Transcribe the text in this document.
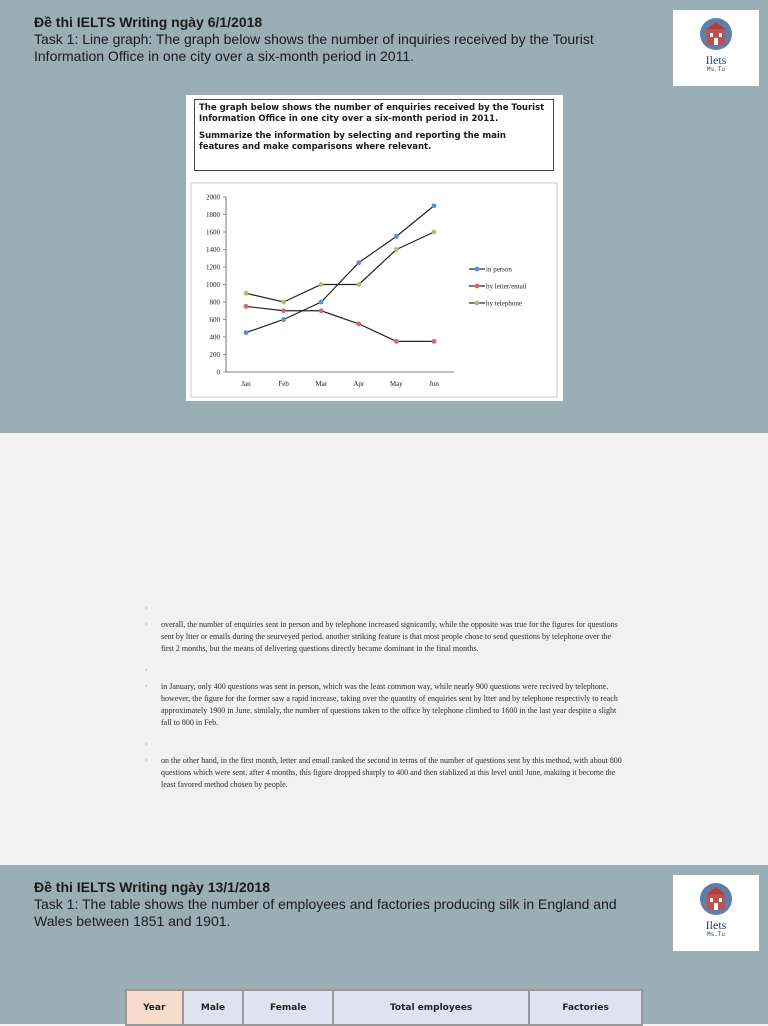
Đề thi IELTS Writing ngày 6/1/2018
Task 1: Line graph: The graph below shows the number of inquiries received by the Tourist Information Office in one city over a six-month period in 2011.	Ilets
Ms.Tu

The graph below shows the number of enquiries received by the Tourist Information Office in one city over a six-month period in 2011.

Summarize the information by selecting and reporting the main features and make comparisons where relevant.

0
200
400
600
800
1000
1200
1400
1600
1800
2000
Jan	Feb	Mar	Apr	May	Jun
in person
by letter/email
by telephone
·
· overall, the number of enquiries sent in person and by telephone increased signicantly, while the opposite was true for the figures for questions sent by ltter or emails during the seurveyed period. another striking feature is that most people chose to send questions by telephone over the first 2 months, but the means of delivering questions directly became dominant in the final months.
·
· in January, only 400 questions was sent in person, which was the least common way, while nearly 900 questions were recived by telephone. however, the figure for the former saw a rapid increase, taking over the quantity of enquiries sent by ltter and by telephone respectivly to reach approximately 1900 in June. similaly, the number of questions taken to the office by telephone climbed to 1600 in the last year despite a slight fall to 800 in Feb.
·
· on the other hand, in the first month, letter and email ranked the second in terms of the number of questions sent by this method, with about 800 questions which were sent. after 4 months, this figure dropped sharply to 400 and then stablized at this level until June, makiing it become the least favored method chosen by people.
Đề thi IELTS Writing ngày 13/1/2018
Task 1: The table shows the number of employees and factories producing silk in England and Wales between 1851 and 1901.	Ilets
Ms.Tu
Year	Male	Female	Total employees	Factories
